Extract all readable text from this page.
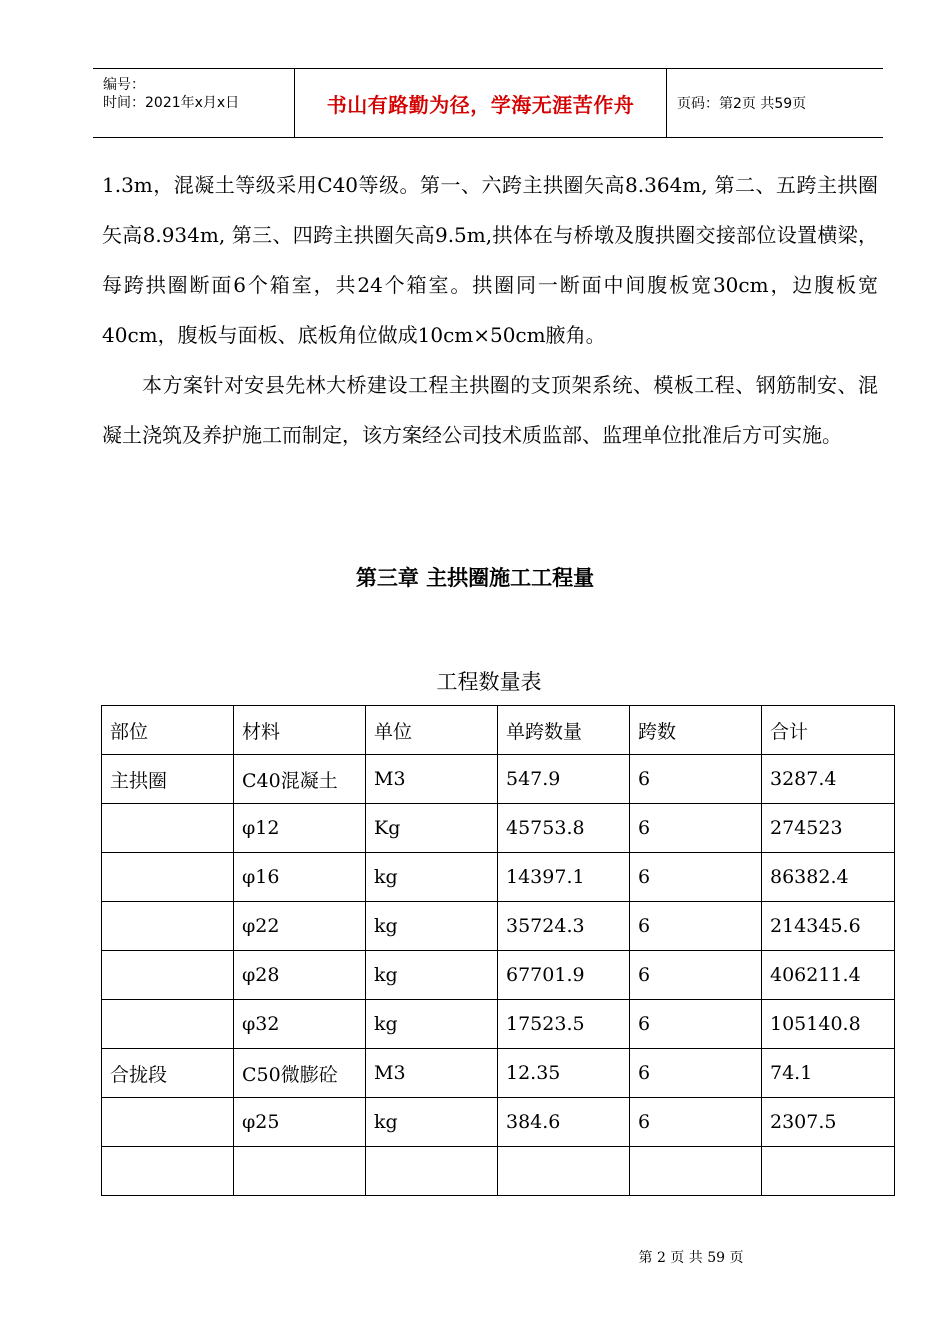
编号：
时间：2021年x月x日	书山有路勤为径，学海无涯苦作舟	页码：第2页 共59页

1.3m，混凝土等级采用C40等级。第一、六跨主拱圈矢高8.364m, 第二、五跨主拱圈矢高8.934m, 第三、四跨主拱圈矢高9.5m,拱体在与桥墩及腹拱圈交接部位设置横梁，每跨拱圈断面6个箱室，共24个箱室。拱圈同一断面中间腹板宽30cm，边腹板宽40cm，腹板与面板、底板角位做成10cm×50cm腋角。

本方案针对安县先林大桥建设工程主拱圈的支顶架系统、模板工程、钢筋制安、混凝土浇筑及养护施工而制定，该方案经公司技术质监部、监理单位批准后方可实施。

第三章 主拱圈施工工程量
工程数量表
部位	材料	单位	单跨数量	跨数	合计
主拱圈	C40混凝土	M3	547.9	6	3287.4
	φ12	Kg	45753.8	6	274523
	φ16	kg	14397.1	6	86382.4
	φ22	kg	35724.3	6	214345.6
	φ28	kg	67701.9	6	406211.4
	φ32	kg	17523.5	6	105140.8
合拢段	C50微膨砼	M3	12.35	6	74.1
	φ25	kg	384.6	6	2307.5

第 2 页 共 59 页
